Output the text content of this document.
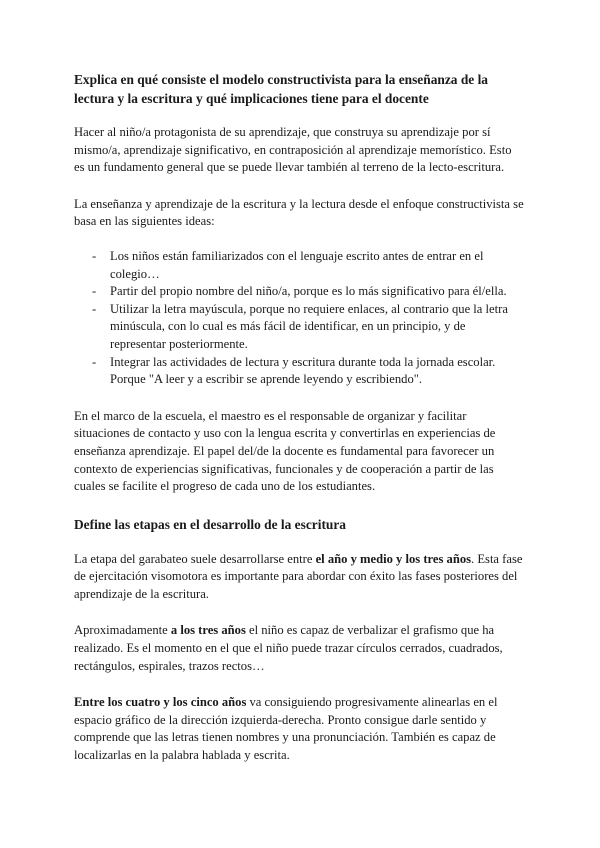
Explica en qué consiste el modelo constructivista para la enseñanza de la lectura y la escritura y qué implicaciones tiene para el docente

Hacer al niño/a protagonista de su aprendizaje, que construya su aprendizaje por sí mismo/a, aprendizaje significativo, en contraposición al aprendizaje memorístico. Esto es un fundamento general que se puede llevar también al terreno de la lecto-escritura.

La enseñanza y aprendizaje de la escritura y la lectura desde el enfoque constructivista se basa en las siguientes ideas:

- Los niños están familiarizados con el lenguaje escrito antes de entrar en el colegio…
- Partir del propio nombre del niño/a, porque es lo más significativo para él/ella.
- Utilizar la letra mayúscula, porque no requiere enlaces, al contrario que la letra minúscula, con lo cual es más fácil de identificar, en un principio, y de representar posteriormente.
- Integrar las actividades de lectura y escritura durante toda la jornada escolar. Porque "A leer y a escribir se aprende leyendo y escribiendo".

En el marco de la escuela, el maestro es el responsable de organizar y facilitar situaciones de contacto y uso con la lengua escrita y convertirlas en experiencias de enseñanza aprendizaje. El papel del/de la docente es fundamental para favorecer un contexto de experiencias significativas, funcionales y de cooperación a partir de las cuales se facilite el progreso de cada uno de los estudiantes.

Define las etapas en el desarrollo de la escritura

La etapa del garabateo suele desarrollarse entre el año y medio y los tres años. Esta fase de ejercitación visomotora es importante para abordar con éxito las fases posteriores del aprendizaje de la escritura.

Aproximadamente a los tres años el niño es capaz de verbalizar el grafismo que ha realizado. Es el momento en el que el niño puede trazar círculos cerrados, cuadrados, rectángulos, espirales, trazos rectos…

Entre los cuatro y los cinco años va consiguiendo progresivamente alinearlas en el espacio gráfico de la dirección izquierda-derecha. Pronto consigue darle sentido y comprende que las letras tienen nombres y una pronunciación. También es capaz de localizarlas en la palabra hablada y escrita.
